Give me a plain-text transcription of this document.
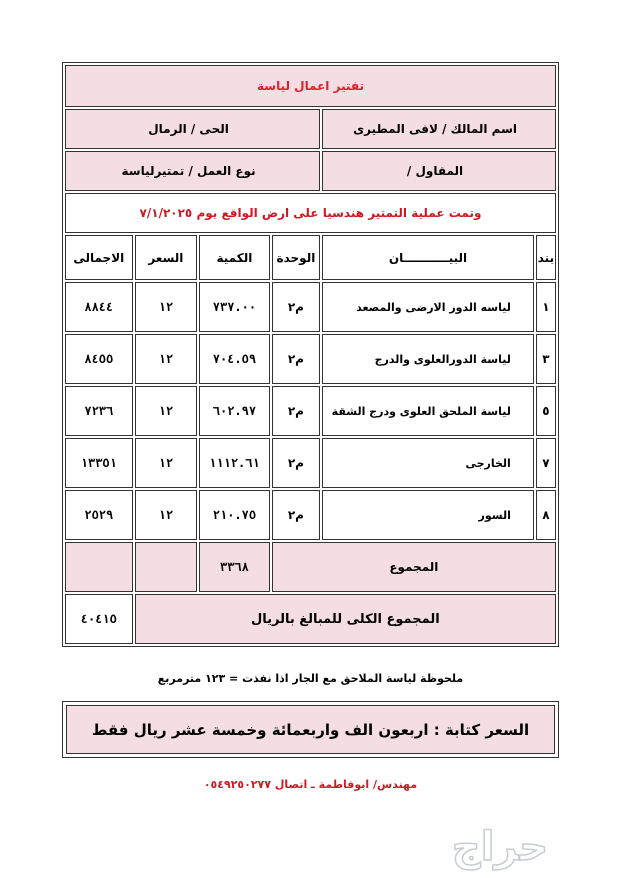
تفتير اعمال لياسة					
اسم المالك / لافى المطيرى		الحى / الرمال			
المقاول /		نوع العمل / تمتيرلياسة			
وتمت عملية التمتير هندسيا على ارض الواقع يوم ٧/١/٢٠٢٥					
بند	البيـــــــــــان	الوحدة	الكمية	السعر	الاجمالى
١	لياسه الدور الارضى والمصعد	م٢	٧٣٧.٠٠	١٢	٨٨٤٤
٣	لياسة الدورالعلوى والدرج	م٢	٧٠٤.٥٩	١٢	٨٤٥٥
٥	لياسة الملحق العلوى ودرج الشقة	م٢	٦٠٢.٩٧	١٢	٧٢٣٦
٧	الخارجى	م٢	١١١٢.٦١	١٢	١٣٣٥١
٨	السور	م٢	٢١٠.٧٥	١٢	٢٥٢٩
المجموع			٣٣٦٨		
المجموع الكلى للمبالغ بالريال					٤٠٤١٥
ملحوظة لياسة الملاحق مع الجار اذا نفذت = ١٢٣ مترمربع
السعر كتابة : اربعون الف واربعمائة وخمسة عشر ريال فقط
مهندس/ ابوفاطمة ـ اتصال ٠٥٤٩٢٥٠٢٧٧
حراج
